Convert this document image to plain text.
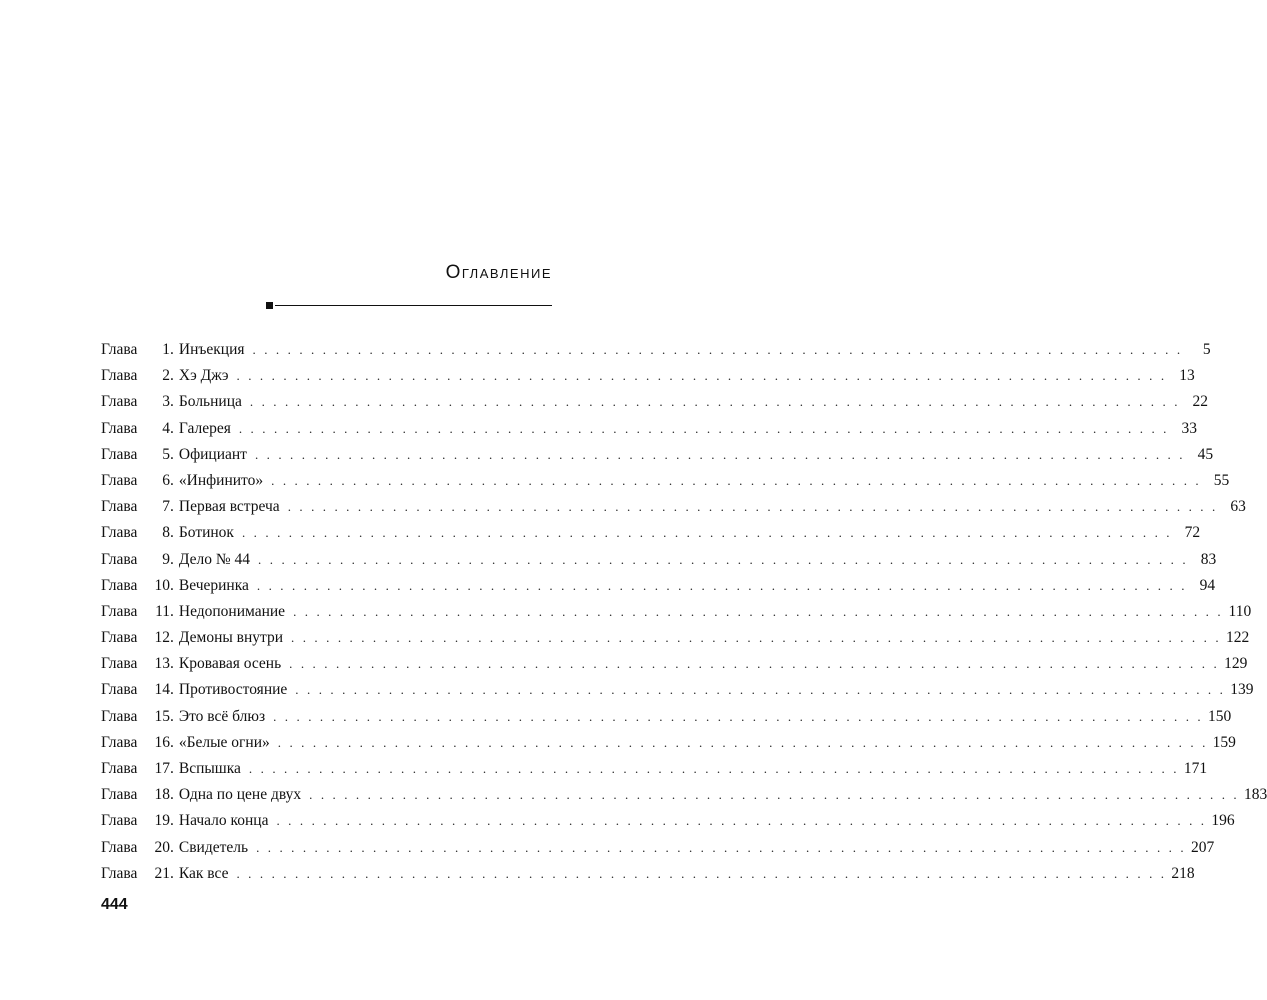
Оглавление
Глава	1 . Инъекция . . . . . . . . . . . . . . . . . . . . . . . . . . . . . . . . . . . . . . . . . . . . . . . . . . . . . . . . . . . . . . . . . . . . . . . . . . . . . . . .	5
Глава	2 . Хэ Джэ . . . . . . . . . . . . . . . . . . . . . . . . . . . . . . . . . . . . . . . . . . . . . . . . . . . . . . . . . . . . . . . . . . . . . . . . . . . . . . . . 13
Глава	3 . Больница . . . . . . . . . . . . . . . . . . . . . . . . . . . . . . . . . . . . . . . . . . . . . . . . . . . . . . . . . . . . . . . . . . . . . . . . . . . . . . . . 22
Глава	4 . Галерея . . . . . . . . . . . . . . . . . . . . . . . . . . . . . . . . . . . . . . . . . . . . . . . . . . . . . . . . . . . . . . . . . . . . . . . . . . . . . . . . 33
Глава	5 . Официант . . . . . . . . . . . . . . . . . . . . . . . . . . . . . . . . . . . . . . . . . . . . . . . . . . . . . . . . . . . . . . . . . . . . . . . . . . . . . . . . 45
Глава	6 . «Инфинито» . . . . . . . . . . . . . . . . . . . . . . . . . . . . . . . . . . . . . . . . . . . . . . . . . . . . . . . . . . . . . . . . . . . . . . . . . . . . . . . . 55
Глава	7 . Первая встреча . . . . . . . . . . . . . . . . . . . . . . . . . . . . . . . . . . . . . . . . . . . . . . . . . . . . . . . . . . . . . . . . . . . . . . . . . . . . . . . . 63
Глава	8 . Ботинок . . . . . . . . . . . . . . . . . . . . . . . . . . . . . . . . . . . . . . . . . . . . . . . . . . . . . . . . . . . . . . . . . . . . . . . . . . . . . . . . 72
Глава	9 . Дело № 44 . . . . . . . . . . . . . . . . . . . . . . . . . . . . . . . . . . . . . . . . . . . . . . . . . . . . . . . . . . . . . . . . . . . . . . . . . . . . . . . . 83
Глава	10 . Вечеринка . . . . . . . . . . . . . . . . . . . . . . . . . . . . . . . . . . . . . . . . . . . . . . . . . . . . . . . . . . . . . . . . . . . . . . . . . . . . . . . . 94
Глава	11 . Недопонимание . . . . . . . . . . . . . . . . . . . . . . . . . . . . . . . . . . . . . . . . . . . . . . . . . . . . . . . . . . . . . . . . . . . . . . . . . . . . . . . . 110
Глава	12 . Демоны внутри . . . . . . . . . . . . . . . . . . . . . . . . . . . . . . . . . . . . . . . . . . . . . . . . . . . . . . . . . . . . . . . . . . . . . . . . . . . . . . . . 122
Глава	13 . Кровавая осень . . . . . . . . . . . . . . . . . . . . . . . . . . . . . . . . . . . . . . . . . . . . . . . . . . . . . . . . . . . . . . . . . . . . . . . . . . . . . . . . 129
Глава	14 . Противостояние . . . . . . . . . . . . . . . . . . . . . . . . . . . . . . . . . . . . . . . . . . . . . . . . . . . . . . . . . . . . . . . . . . . . . . . . . . . . . . . . 139
Глава	15 . Это всё блюз . . . . . . . . . . . . . . . . . . . . . . . . . . . . . . . . . . . . . . . . . . . . . . . . . . . . . . . . . . . . . . . . . . . . . . . . . . . . . . . . 150
Глава	16 . «Белые огни» . . . . . . . . . . . . . . . . . . . . . . . . . . . . . . . . . . . . . . . . . . . . . . . . . . . . . . . . . . . . . . . . . . . . . . . . . . . . . . . . 159
Глава	17 . Вспышка . . . . . . . . . . . . . . . . . . . . . . . . . . . . . . . . . . . . . . . . . . . . . . . . . . . . . . . . . . . . . . . . . . . . . . . . . . . . . . . . 171
Глава	18 . Одна по цене двух . . . . . . . . . . . . . . . . . . . . . . . . . . . . . . . . . . . . . . . . . . . . . . . . . . . . . . . . . . . . . . . . . . . . . . . . . . . . . . . . 183
Глава	19 . Начало конца . . . . . . . . . . . . . . . . . . . . . . . . . . . . . . . . . . . . . . . . . . . . . . . . . . . . . . . . . . . . . . . . . . . . . . . . . . . . . . . . 196
Глава	20 . Свидетель . . . . . . . . . . . . . . . . . . . . . . . . . . . . . . . . . . . . . . . . . . . . . . . . . . . . . . . . . . . . . . . . . . . . . . . . . . . . . . . . 207
Глава	21 . Как все . . . . . . . . . . . . . . . . . . . . . . . . . . . . . . . . . . . . . . . . . . . . . . . . . . . . . . . . . . . . . . . . . . . . . . . . . . . . . . . . 218
444
